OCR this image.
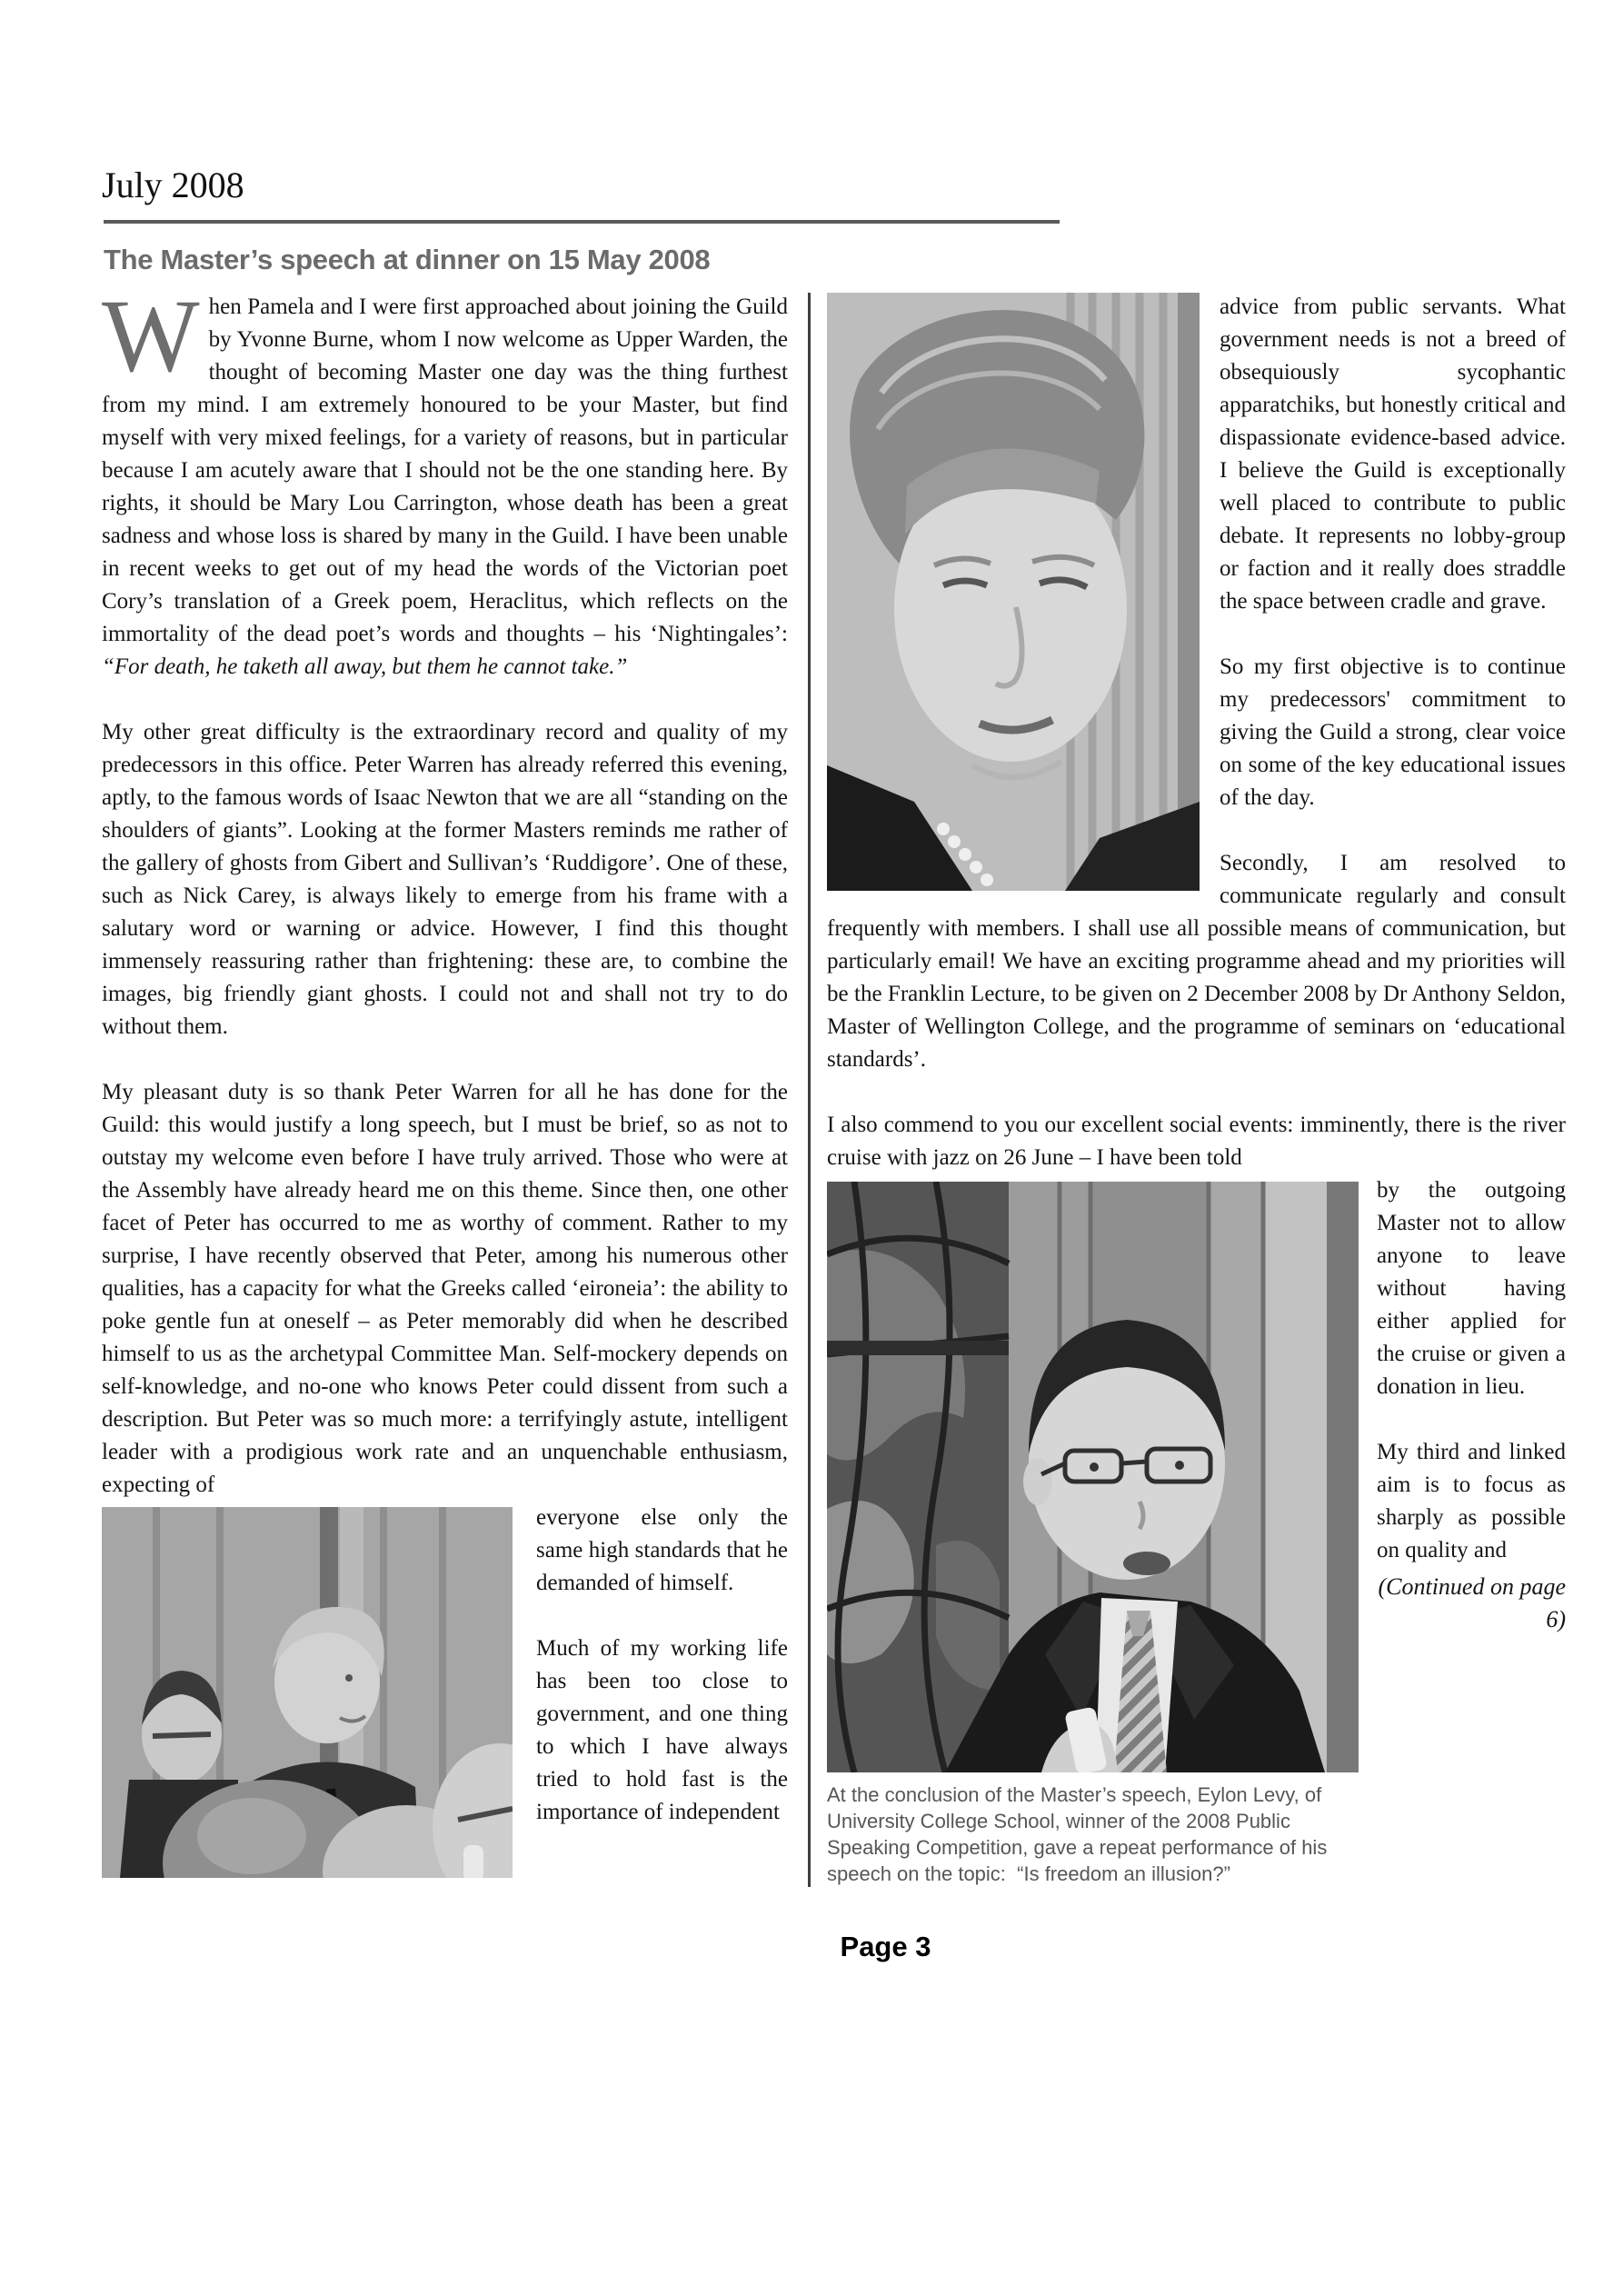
July 2008
The Master’s speech at dinner on 15 May 2008

When Pamela and I were first approached about joining the Guild by Yvonne Burne, whom I now welcome as Upper Warden, the thought of becoming Master one day was the thing furthest from my mind. I am extremely honoured to be your Master, but find myself with very mixed feelings, for a variety of reasons, but in particular because I am acutely aware that I should not be the one standing here. By rights, it should be Mary Lou Carrington, whose death has been a great sadness and whose loss is shared by many in the Guild. I have been unable in recent weeks to get out of my head the words of the Victorian poet Cory’s translation of a Greek poem, Heraclitus, which reflects on the immortality of the dead poet’s words and thoughts – his ‘Nightingales’: “For death, he taketh all away, but them he cannot take.”

My other great difficulty is the extraordinary record and quality of my predecessors in this office. Peter Warren has already referred this evening, aptly, to the famous words of Isaac Newton that we are all “standing on the shoulders of giants”. Looking at the former Masters reminds me rather of the gallery of ghosts from Gibert and Sullivan’s ‘Ruddigore’. One of these, such as Nick Carey, is always likely to emerge from his frame with a salutary word or warning or advice. However, I find this thought immensely reassuring rather than frightening: these are, to combine the images, big friendly giant ghosts. I could not and shall not try to do without them.

My pleasant duty is so thank Peter Warren for all he has done for the Guild: this would justify a long speech, but I must be brief, so as not to outstay my welcome even before I have truly arrived. Those who were at the Assembly have already heard me on this theme. Since then, one other facet of Peter has occurred to me as worthy of comment. Rather to my surprise, I have recently observed that Peter, among his numerous other qualities, has a capacity for what the Greeks called ‘eironeia’: the ability to poke gentle fun at oneself – as Peter memorably did when he described himself to us as the archetypal Committee Man. Self-mockery depends on self-knowledge, and no-one who knows Peter could dissent from such a description. But Peter was so much more: a terrifyingly astute, intelligent leader with a prodigious work rate and an unquenchable enthusiasm, expecting of

everyone else only the same high standards that he demanded of himself.

Much of my working life has been too close to government, and one thing to which I have always tried to hold fast is the importance of independent

advice from public servants. What government needs is not a breed of obsequiously sycophantic apparatchiks, but honestly critical and dispassionate evidence-based advice. I believe the Guild is exceptionally well placed to contribute to public debate. It represents no lobby-group or faction and it really does straddle the space between cradle and grave.

So my first objective is to continue my predecessors' commitment to giving the Guild a strong, clear voice on some of the key educational issues of the day.

Secondly, I am resolved to communicate regularly and consult frequently with members. I shall use all possible means of communication, but particularly email! We have an exciting programme ahead and my priorities will be the Franklin Lecture, to be given on 2 December 2008 by Dr Anthony Seldon, Master of Wellington College, and the programme of seminars on ‘educational standards’.

I also commend to you our excellent social events: imminently, there is the river cruise with jazz on 26 June – I have been told

At the conclusion of the Master’s speech, Eylon Levy, of University College School, winner of the 2008 Public Speaking Competition, gave a repeat performance of his speech on the topic:  “Is freedom an illusion?”

by the outgoing Master not to allow anyone to leave without having either applied for the cruise or given a donation in lieu.

My third and linked aim is to focus as sharply as possible on quality and

(Continued on page 6)

Page 3
